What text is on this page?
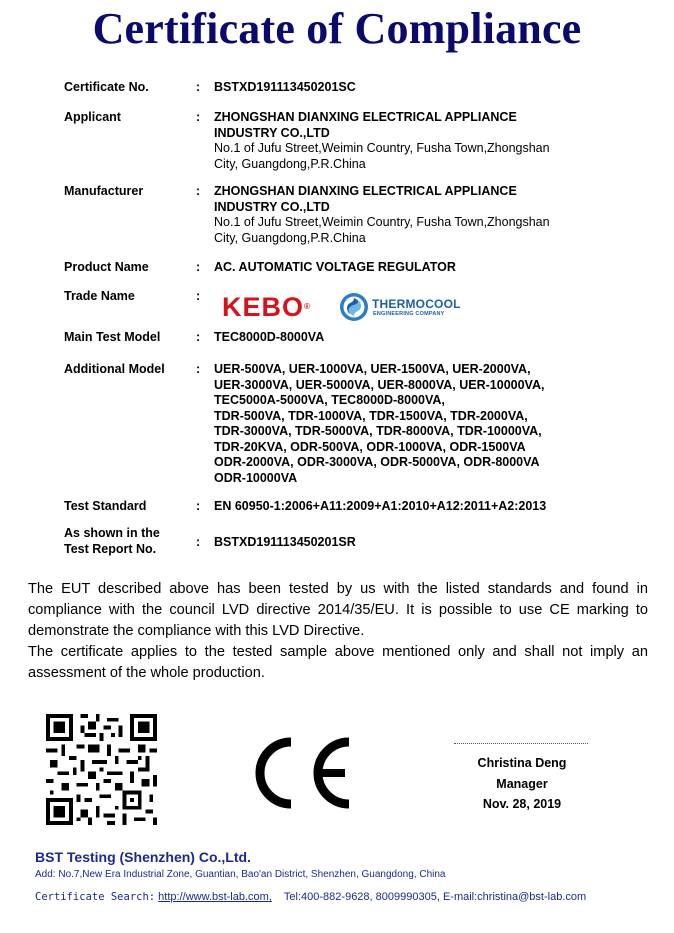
Certificate of Compliance
Certificate No.	: BSTXD191113450201SC
Applicant	: ZHONGSHAN DIANXING ELECTRICAL APPLIANCE
INDUSTRY CO.,LTD
No.1 of Jufu Street,Weimin Country, Fusha Town,Zhongshan
City, Guangdong,P.R.China
Manufacturer	: ZHONGSHAN DIANXING ELECTRICAL APPLIANCE
INDUSTRY CO.,LTD
No.1 of Jufu Street,Weimin Country, Fusha Town,Zhongshan
City, Guangdong,P.R.China
Product Name	: AC. AUTOMATIC VOLTAGE REGULATOR
Trade Name	: KEBO®	THERMOCOOL
ENGINEERING COMPANY
Main Test Model	: TEC8000D-8000VA
Additional Model	: UER-500VA, UER-1000VA, UER-1500VA, UER-2000VA,
UER-3000VA, UER-5000VA, UER-8000VA, UER-10000VA,
TEC5000A-5000VA, TEC8000D-8000VA,
TDR-500VA, TDR-1000VA, TDR-1500VA, TDR-2000VA,
TDR-3000VA, TDR-5000VA, TDR-8000VA, TDR-10000VA,
TDR-20KVA, ODR-500VA, ODR-1000VA, ODR-1500VA
ODR-2000VA, ODR-3000VA, ODR-5000VA, ODR-8000VA
ODR-10000VA
Test Standard	: EN 60950-1:2006+A11:2009+A1:2010+A12:2011+A2:2013
As shown in the
Test Report No.	: BSTXD191113450201SR
The EUT described above has been tested by us with the listed standards and found in compliance with the council LVD directive 2014/35/EU. It is possible to use CE marking to demonstrate the compliance with this LVD Directive.
The certificate applies to the tested sample above mentioned only and shall not imply an assessment of the whole production.
Christina Deng
Manager
Nov. 28, 2019
BST Testing (Shenzhen) Co.,Ltd.
Add: No.7,New Era Industrial Zone, Guantian, Bao'an District, Shenzhen, Guangdong, China
Certificate Search: http://www.bst-lab.com, Tel:400-882-9628, 8009990305, E-mail:christina@bst-lab.com
